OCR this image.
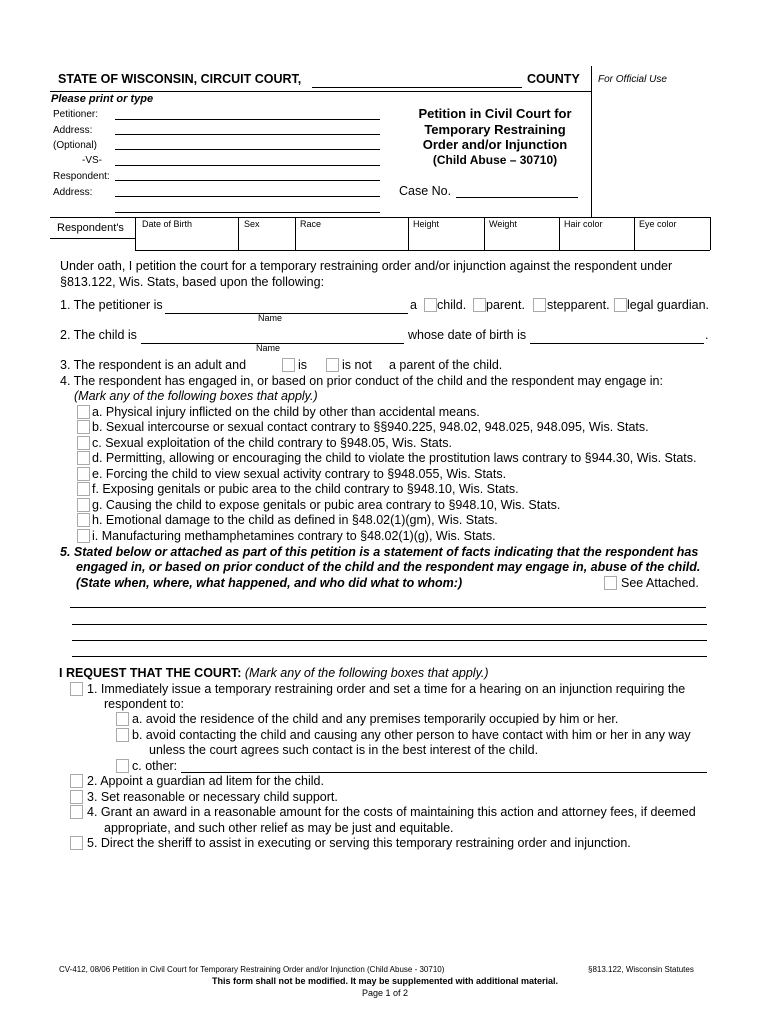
STATE OF WISCONSIN, CIRCUIT COURT,	COUNTY For Official Use
Please print or type
Petitioner:
Address:
(Optional)
-VS-
Respondent:
Address:
Petition in Civil Court for
Temporary Restraining
Order and/or Injunction
(Child Abuse – 30710)
Case No.
Respondent's Date of Birth	Sex	Race	Height	Weight	Hair color	Eye color
Under oath, I petition the court for a temporary restraining order and/or injunction against the respondent under
§813.122, Wis. Stats, based upon the following:
1. The petitioner is	a child. parent. stepparent. legal guardian.
Name
2. The child is	whose date of birth is	.
Name
3. The respondent is an adult and	is	is not a parent of the child.
4. The respondent has engaged in, or based on prior conduct of the child and the respondent may engage in:
(Mark any of the following boxes that apply.)
a. Physical injury inflicted on the child by other than accidental means.
b. Sexual intercourse or sexual contact contrary to §§940.225, 948.02, 948.025, 948.095, Wis. Stats.
c. Sexual exploitation of the child contrary to §948.05, Wis. Stats.
d. Permitting, allowing or encouraging the child to violate the prostitution laws contrary to §944.30, Wis. Stats.
e. Forcing the child to view sexual activity contrary to §948.055, Wis. Stats.
f. Exposing genitals or pubic area to the child contrary to §948.10, Wis. Stats.
g. Causing the child to expose genitals or pubic area contrary to §948.10, Wis. Stats.
h. Emotional damage to the child as defined in §48.02(1)(gm), Wis. Stats.
i. Manufacturing methamphetamines contrary to §48.02(1)(g), Wis. Stats.
5. Stated below or attached as part of this petition is a statement of facts indicating that the respondent has
engaged in, or based on prior conduct of the child and the respondent may engage in, abuse of the child.
(State when, where, what happened, and who did what to whom:)	See Attached.
I REQUEST THAT THE COURT: (Mark any of the following boxes that apply.)
1. Immediately issue a temporary restraining order and set a time for a hearing on an injunction requiring the
respondent to:
a. avoid the residence of the child and any premises temporarily occupied by him or her.
b. avoid contacting the child and causing any other person to have contact with him or her in any way
unless the court agrees such contact is in the best interest of the child.
c. other:
2. Appoint a guardian ad litem for the child.
3. Set reasonable or necessary child support.
4. Grant an award in a reasonable amount for the costs of maintaining this action and attorney fees, if deemed
appropriate, and such other relief as may be just and equitable.
5. Direct the sheriff to assist in executing or serving this temporary restraining order and injunction.
CV-412, 08/06 Petition in Civil Court for Temporary Restraining Order and/or Injunction (Child Abuse - 30710)	§813.122, Wisconsin Statutes
This form shall not be modified. It may be supplemented with additional material.
Page 1 of 2
